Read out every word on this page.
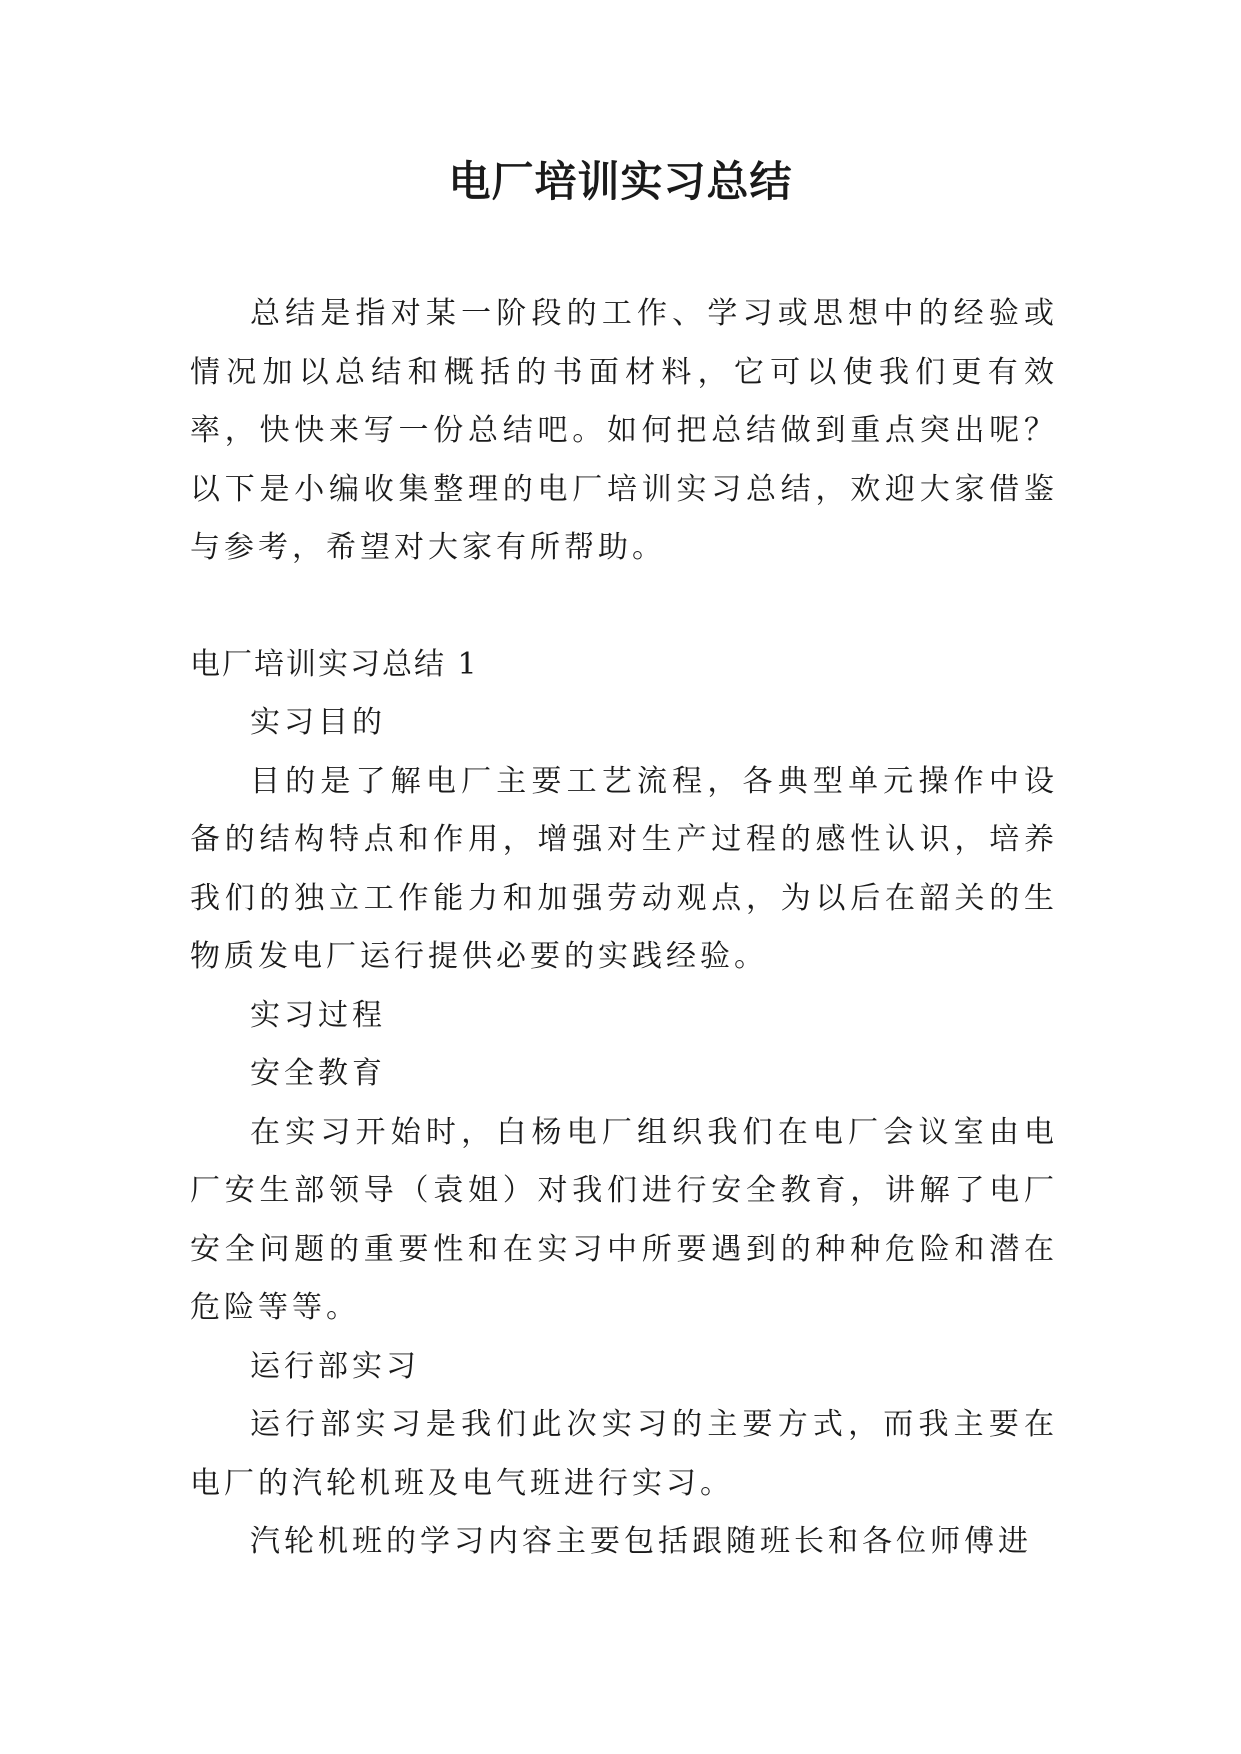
电厂培训实习总结

总结是指对某一阶段的工作、学习或思想中的经验或情况加以总结和概括的书面材料，它可以使我们更有效率，快快来写一份总结吧。如何把总结做到重点突出呢？以下是小编收集整理的电厂培训实习总结，欢迎大家借鉴与参考，希望对大家有所帮助。

电厂培训实习总结 1

实习目的

目的是了解电厂主要工艺流程，各典型单元操作中设备的结构特点和作用，增强对生产过程的感性认识，培养我们的独立工作能力和加强劳动观点，为以后在韶关的生物质发电厂运行提供必要的实践经验。

实习过程

安全教育

在实习开始时，白杨电厂组织我们在电厂会议室由电厂安生部领导（袁姐）对我们进行安全教育，讲解了电厂安全问题的重要性和在实习中所要遇到的种种危险和潜在危险等等。

运行部实习

运行部实习是我们此次实习的主要方式，而我主要在电厂的汽轮机班及电气班进行实习。

汽轮机班的学习内容主要包括跟随班长和各位师傅进
